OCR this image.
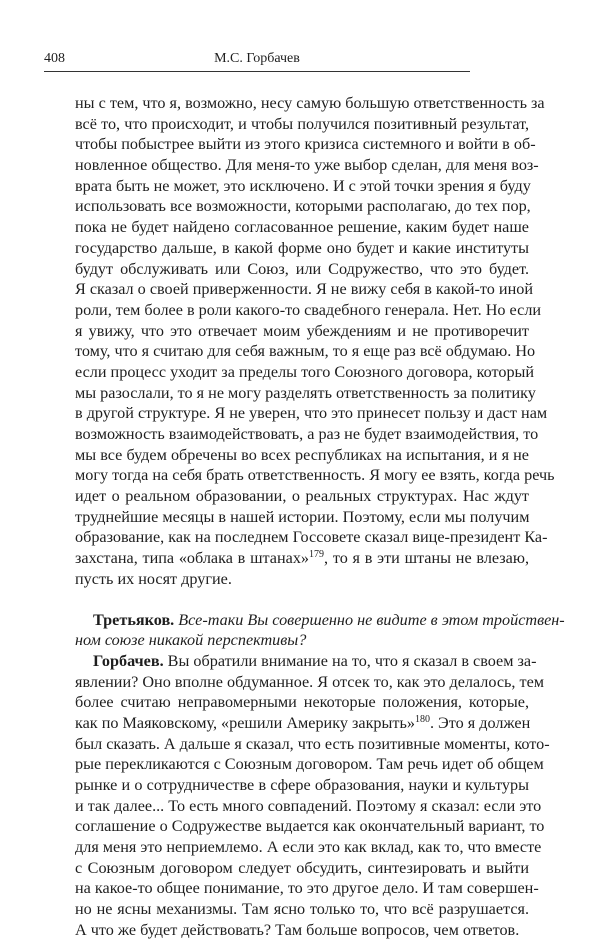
408	М.С. Горбачев
ны с тем, что я, возможно, несу самую большую ответственность за
всё то, что происходит, и чтобы получился позитивный результат,
чтобы побыстрее выйти из этого кризиса системного и войти в об-
новленное общество. Для меня-то уже выбор сделан, для меня воз-
врата быть не может, это исключено. И с этой точки зрения я буду
использовать все возможности, которыми располагаю, до тех пор,
пока не будет найдено согласованное решение, каким будет наше
государство дальше, в какой форме оно будет и какие институты
будут обслуживать или Союз, или Содружество, что это будет.
Я сказал о своей приверженности. Я не вижу себя в какой-то иной
роли, тем более в роли какого-то свадебного генерала. Нет. Но если
я увижу, что это отвечает моим убеждениям и не противоречит
тому, что я считаю для себя важным, то я еще раз всё обдумаю. Но
если процесс уходит за пределы того Союзного договора, который
мы разослали, то я не могу разделять ответственность за политику
в другой структуре. Я не уверен, что это принесет пользу и даст нам
возможность взаимодействовать, а раз не будет взаимодействия, то
мы все будем обречены во всех республиках на испытания, и я не
могу тогда на себя брать ответственность. Я могу ее взять, когда речь
идет о реальном образовании, о реальных структурах. Нас ждут
труднейшие месяцы в нашей истории. Поэтому, если мы получим
образование, как на последнем Госсовете сказал вице-президент Ка-
захстана, типа «облака в штанах»$^{179}$, то я в эти штаны не влезаю,
пусть их носят другие.
Третьяков. Все-таки Вы совершенно не видите в этом тройствен-
ном союзе никакой перспективы?
Горбачев. Вы обратили внимание на то, что я сказал в своем за-
явлении? Оно вполне обдуманное. Я отсек то, как это делалось, тем
более считаю неправомерными некоторые положения, которые,
как по Маяковскому, «решили Америку закрыть»$^{180}$. Это я должен
был сказать. А дальше я сказал, что есть позитивные моменты, кото-
рые перекликаются с Союзным договором. Там речь идет об общем
рынке и о сотрудничестве в сфере образования, науки и культуры
и так далее... То есть много совпадений. Поэтому я сказал: если это
соглашение о Содружестве выдается как окончательный вариант, то
для меня это неприемлемо. А если это как вклад, как то, что вместе
с Союзным договором следует обсудить, синтезировать и выйти
на какое-то общее понимание, то это другое дело. И там совершен-
но не ясны механизмы. Там ясно только то, что всё разрушается.
А что же будет действовать? Там больше вопросов, чем ответов.
